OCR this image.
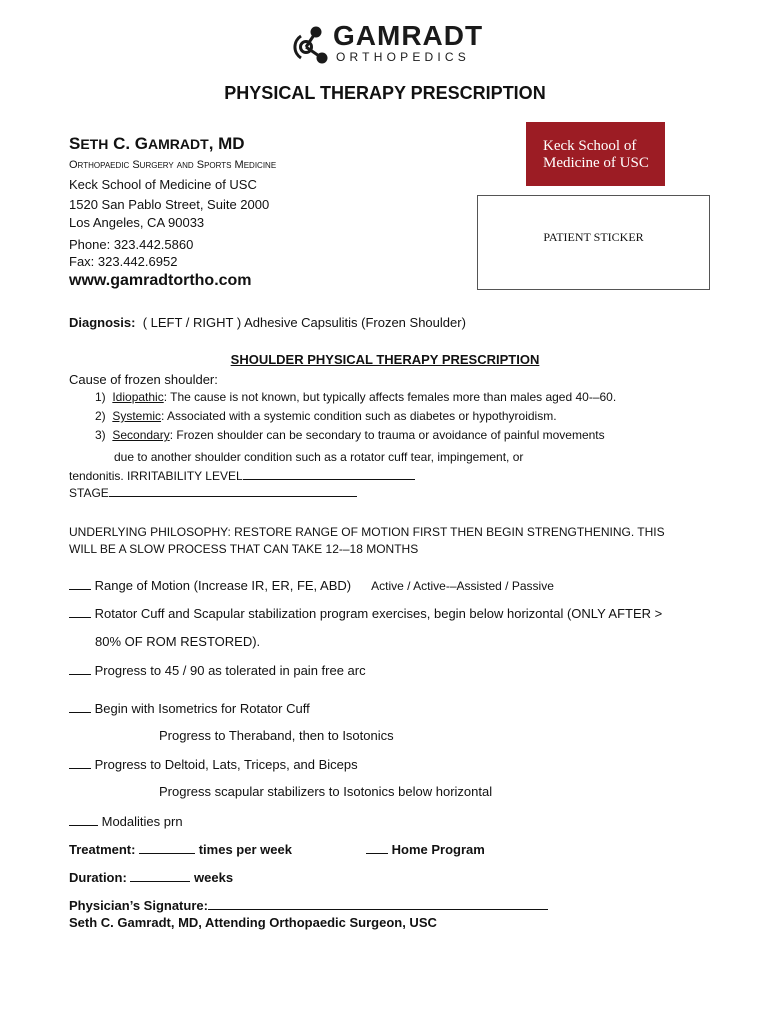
GAMRADT
ORTHOPEDICS
PHYSICAL THERAPY PRESCRIPTION
SETH C. GAMRADT, MD
Orthopaedic Surgery and Sports Medicine
Keck School of Medicine of USC
1520 San Pablo Street, Suite 2000
Los Angeles, CA 90033
Phone: 323.442.5860
Fax: 323.442.6952
www.gamradtortho.com
Keck School of
Medicine of USC
PATIENT STICKER
Diagnosis: ( LEFT / RIGHT ) Adhesive Capsulitis (Frozen Shoulder)
SHOULDER PHYSICAL THERAPY PRESCRIPTION
Cause of frozen shoulder:
1) Idiopathic: The cause is not known, but typically affects females more than males aged 40-–60.
2) Systemic: Associated with a systemic condition such as diabetes or hypothyroidism.
3) Secondary: Frozen shoulder can be secondary to trauma or avoidance of painful movements
due to another shoulder condition such as a rotator cuff tear, impingement, or
tendonitis. IRRITABILITY LEVEL
STAGE
UNDERLYING PHILOSOPHY: RESTORE RANGE OF MOTION FIRST THEN BEGIN STRENGTHENING. THIS
WILL BE A SLOW PROCESS THAT CAN TAKE 12-–18 MONTHS
Range of Motion (Increase IR, ER, FE, ABD) Active / Active-–Assisted / Passive
Rotator Cuff and Scapular stabilization program exercises, begin below horizontal (ONLY AFTER >
80% OF ROM RESTORED).
Progress to 45 / 90 as tolerated in pain free arc
Begin with Isometrics for Rotator Cuff
Progress to Theraband, then to Isotonics
Progress to Deltoid, Lats, Triceps, and Biceps
Progress scapular stabilizers to Isotonics below horizontal
Modalities prn
Treatment:	times per week	Home Program
Duration:	weeks
Physician’s Signature:
Seth C. Gamradt, MD, Attending Orthopaedic Surgeon, USC
